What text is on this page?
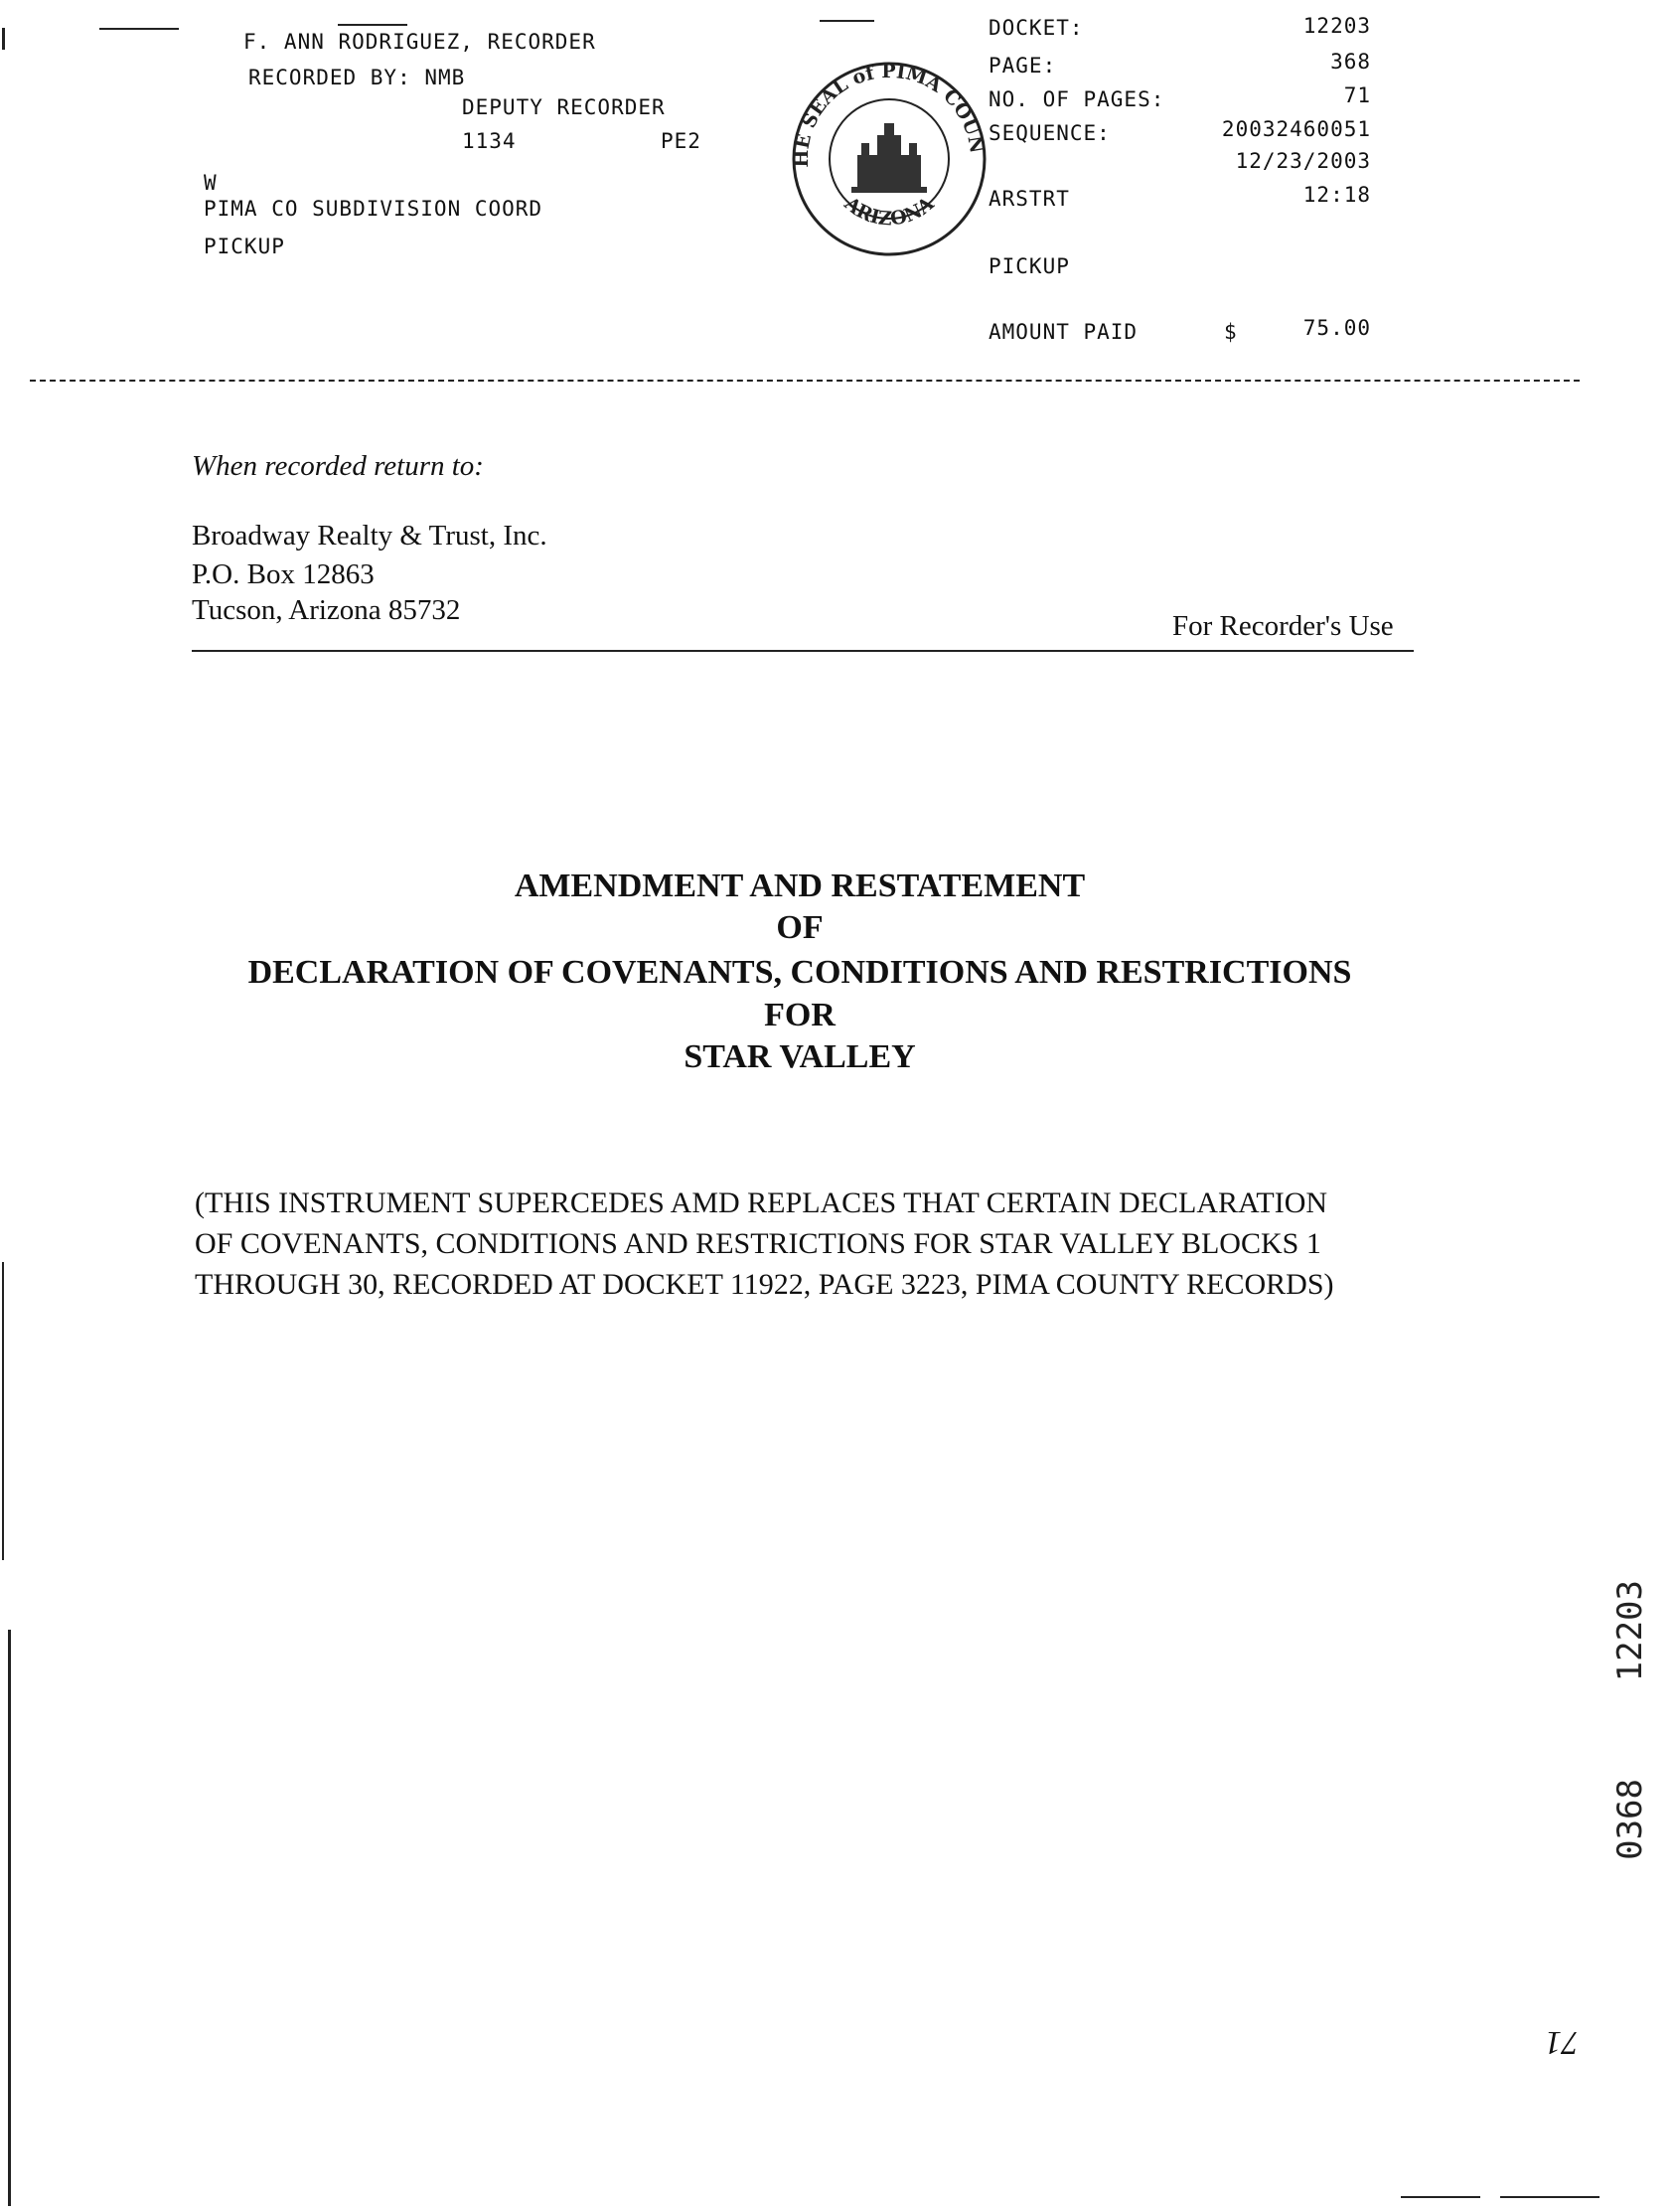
F. ANN RODRIGUEZ, RECORDER
RECORDED BY: NMB
DEPUTY RECORDER
1134	PE2
W
PIMA CO SUBDIVISION COORD
PICKUP
HE SEAL of PIMA COUN
ARIZONA
DOCKET:	12203
PAGE:	368
NO. OF PAGES:	71
SEQUENCE:	20032460051
12/23/2003
ARSTRT	12:18
PICKUP
AMOUNT PAID	$	75.00
When recorded return to:
Broadway Realty & Trust, Inc.
P.O. Box 12863
Tucson, Arizona 85732	For Recorder's Use
AMENDMENT AND RESTATEMENT
OF
DECLARATION OF COVENANTS, CONDITIONS AND RESTRICTIONS
FOR
STAR VALLEY
(THIS INSTRUMENT SUPERCEDES AMD REPLACES THAT CERTAIN DECLARATION
OF COVENANTS, CONDITIONS AND RESTRICTIONS FOR STAR VALLEY BLOCKS 1
THROUGH 30, RECORDED AT DOCKET 11922, PAGE 3223, PIMA COUNTY RECORDS)
12203
0368
71
